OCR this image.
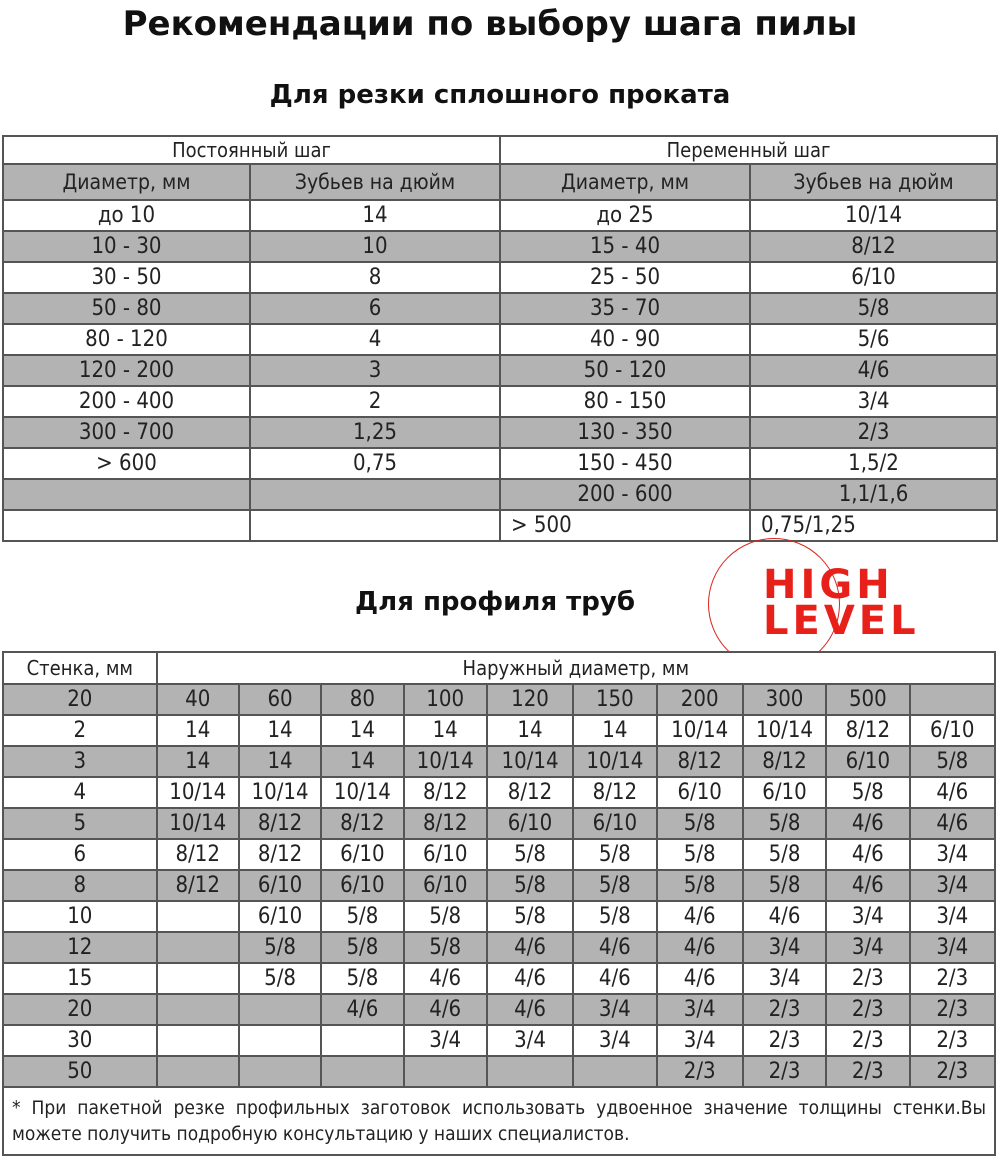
Рекомендации по выбору шага пилы
Для резки сплошного проката
Постоянный шаг		Переменный шаг	
Диаметр, мм	Зубьев на дюйм	Диаметр, мм	Зубьев на дюйм
до 10	14	до 25	10/14
10 - 30	10	15 - 40	8/12
30 - 50	8	25 - 50	6/10
50 - 80	6	35 - 70	5/8
80 - 120	4	40 - 90	5/6
120 - 200	3	50 - 120	4/6
200 - 400	2	80 - 150	3/4
300 - 700	1,25	130 - 350	2/3
> 600	0,75	150 - 450	1,5/2
		200 - 600	1,1/1,6
		> 500	0,75/1,25
HIGH
LEVEL
Для профиля труб
Стенка, мм	Наружный диаметр, мм									
20	40	60	80	100	120	150	200	300	500	
2	14	14	14	14	14	14	10/14	10/14	8/12	6/10
3	14	14	14	10/14	10/14	10/14	8/12	8/12	6/10	5/8
4	10/14	10/14	10/14	8/12	8/12	8/12	6/10	6/10	5/8	4/6
5	10/14	8/12	8/12	8/12	6/10	6/10	5/8	5/8	4/6	4/6
6	8/12	8/12	6/10	6/10	5/8	5/8	5/8	5/8	4/6	3/4
8	8/12	6/10	6/10	6/10	5/8	5/8	5/8	5/8	4/6	3/4
10		6/10	5/8	5/8	5/8	5/8	4/6	4/6	3/4	3/4
12		5/8	5/8	5/8	4/6	4/6	4/6	3/4	3/4	3/4
15		5/8	5/8	4/6	4/6	4/6	4/6	3/4	2/3	2/3
20			4/6	4/6	4/6	3/4	3/4	2/3	2/3	2/3
30				3/4	3/4	3/4	3/4	2/3	2/3	2/3
50							2/3	2/3	2/3	2/3
* При пакетной резке профильных заготовок использовать удвоенное значение толщины стенки.Вы можете получить подробную консультацию у наших специалистов.										
